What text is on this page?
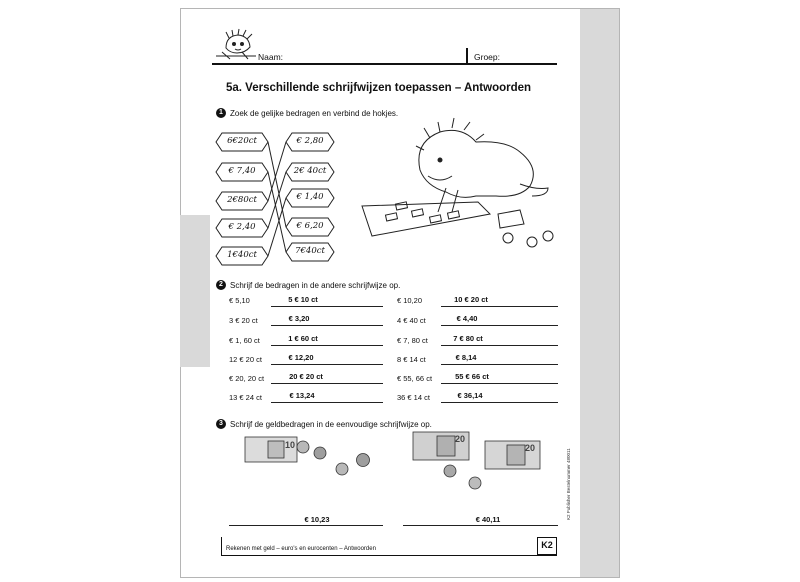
Naam:	Groep:
5a. Verschillende schrijfwijzen toepassen – Antwoorden
1 Zoek de gelijke bedragen en verbind de hokjes.
6€20ct
€ 7,40
2€80ct
€ 2,40
1€40ct
€ 2,80
2€ 40ct
€ 1,40
€ 6,20
7€40ct
2 Schrijf de bedragen in de andere schrijfwijze op.
€ 5,10	5 € 10 ct
3 € 20 ct	€ 3,20
€ 1, 60 ct	1 € 60 ct
12 € 20 ct	€ 12,20
€ 20, 20 ct	20 € 20 ct
13 € 24 ct	€ 13,24
€ 10,20	10 € 20 ct
4 € 40 ct	€ 4,40
€ 7, 80 ct	7 € 80 ct
8 € 14 ct	€ 8,14
€ 55, 66 ct	55 € 66 ct
36 € 14 ct	€ 36,14
3 Schrijf de geldbedragen in de eenvoudige schrijfwijze op.
10
20
20
€ 10,23	€ 40,11
Rekenen met geld – euro's en eurocenten – Antwoorden	K2
K2 Publisher Bestelnummer 480011
